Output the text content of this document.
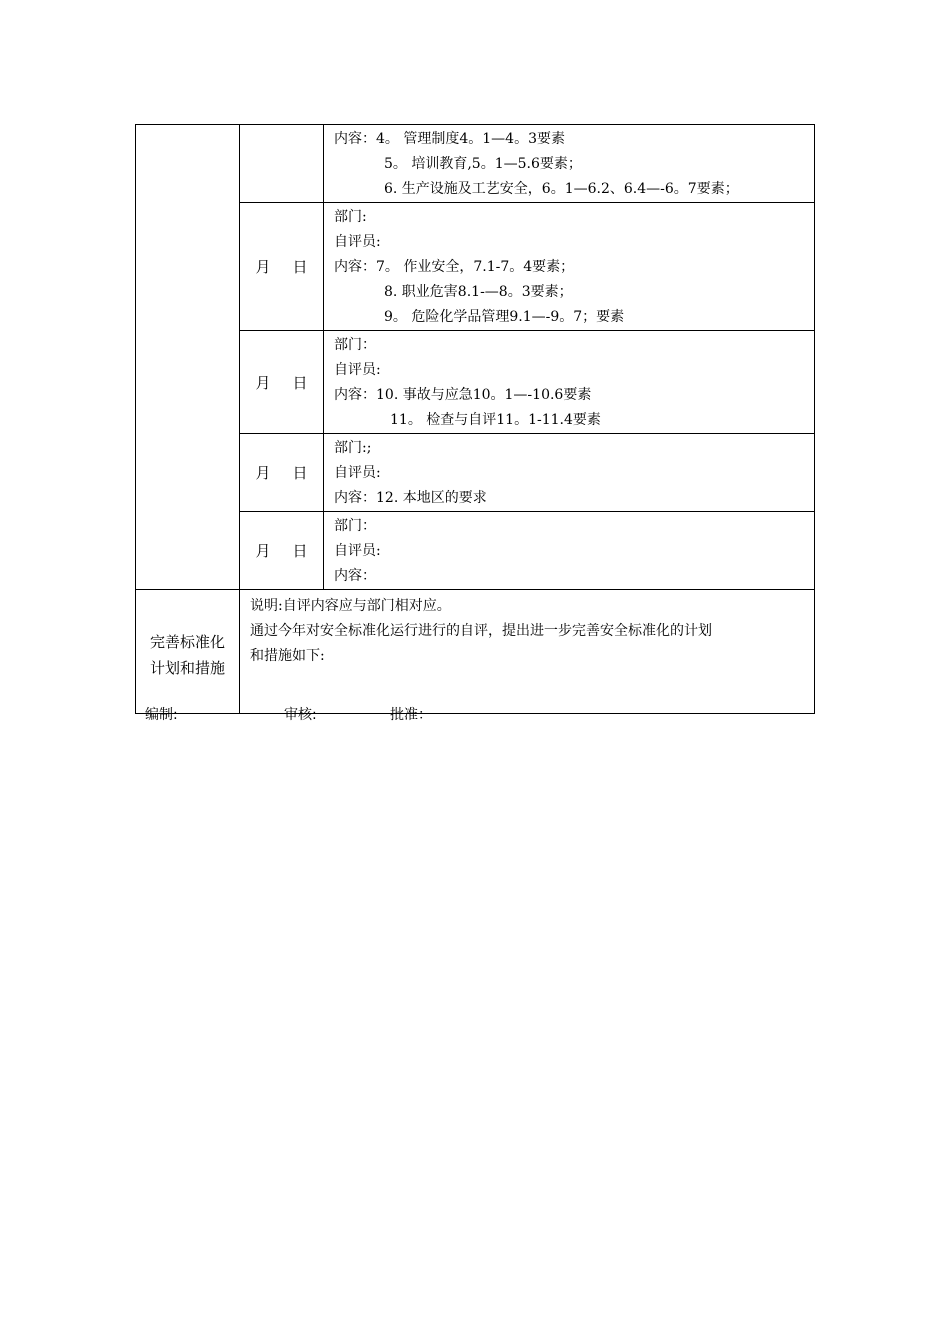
		内容：4。 管理制度4。1—4。3要素
5。 培训教育,5。1—5.6要素；
6. 生产设施及工艺安全，6。1—6.2、6.4—-6。7要素；

	月 日	部门:
自评员:
内容：7。 作业安全，7.1-7。4要素；
8. 职业危害8.1-—8。3要素；
9。 危险化学品管理9.1—-9。7；要素

	月 日	部门：
自评员:
内容：10. 事故与应急10。1—-10.6要素
11。 检查与自评11。1-11.4要素

	月 日	部门:;
自评员:
内容：12. 本地区的要求

	月 日	部门：
自评员:
内容：

完善标准化
计划和措施	说明:自评内容应与部门相对应。
通过今年对安全标准化运行进行的自评，提出进一步完善安全标准化的计划
和措施如下:	
编制:	审核:	批准：
